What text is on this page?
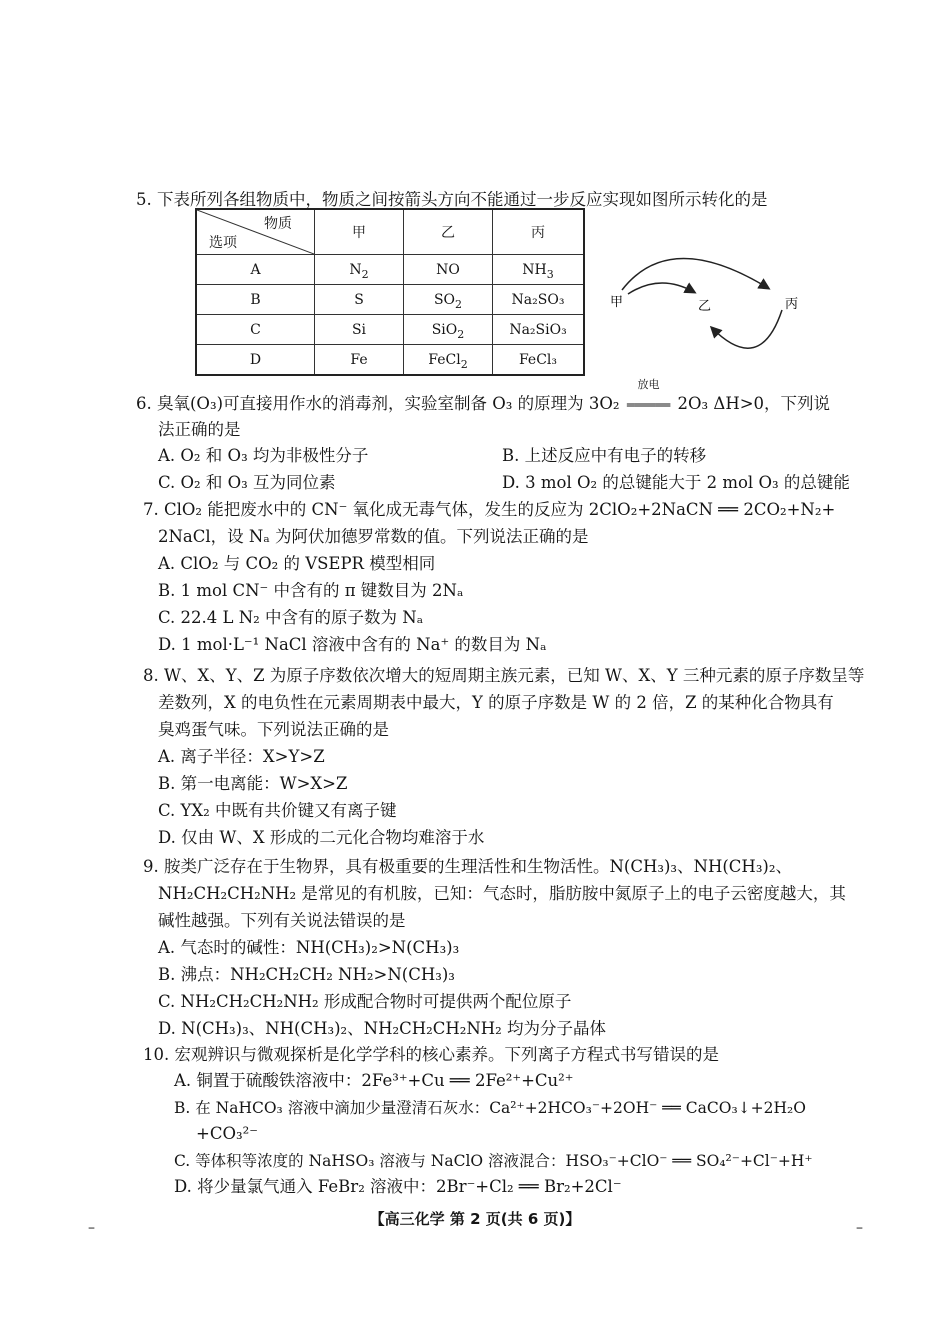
5. 下表所列各组物质中，物质之间按箭头方向不能通过一步反应实现如图所示转化的是
物质
选项	甲	乙	丙
A	$N_2$	NO	$NH_3$
B	S	$SO_2$	Na₂SO₃
C	Si	SiO$_2$	Na₂SiO₃
D	Fe	FeCl$_2$	FeCl₃
甲	乙	丙
6. 臭氧(O₃)可直接用作水的消毒剂，实验室制备 O₃ 的原理为 3O₂
放电
══════ 2O₃ ΔH>0，下列说
法正确的是
A. O₂ 和 O₃ 均为非极性分子	B. 上述反应中有电子的转移
C. O₂ 和 O₃ 互为同位素	D. 3 mol O₂ 的总键能大于 2 mol O₃ 的总键能
7. ClO₂ 能把废水中的 CN⁻ 氧化成无毒气体，发生的反应为 2ClO₂+2NaCN ══ 2CO₂+N₂+
2NaCl，设 Nₐ 为阿伏加德罗常数的值。下列说法正确的是
A. ClO₂ 与 CO₂ 的 VSEPR 模型相同
B. 1 mol CN⁻ 中含有的 π 键数目为 2Nₐ
C. 22.4 L N₂ 中含有的原子数为 Nₐ
D. 1 mol·L⁻¹ NaCl 溶液中含有的 Na⁺ 的数目为 Nₐ
8. W、X、Y、Z 为原子序数依次增大的短周期主族元素，已知 W、X、Y 三种元素的原子序数呈等
差数列，X 的电负性在元素周期表中最大，Y 的原子序数是 W 的 2 倍，Z 的某种化合物具有
臭鸡蛋气味。下列说法正确的是
A. 离子半径：X>Y>Z
B. 第一电离能：W>X>Z
C. YX₂ 中既有共价键又有离子键
D. 仅由 W、X 形成的二元化合物均难溶于水
9. 胺类广泛存在于生物界，具有极重要的生理活性和生物活性。N(CH₃)₃、NH(CH₃)₂、
NH₂CH₂CH₂NH₂ 是常见的有机胺，已知：气态时，脂肪胺中氮原子上的电子云密度越大，其
碱性越强。下列有关说法错误的是
A. 气态时的碱性：NH(CH₃)₂>N(CH₃)₃
B. 沸点：NH₂CH₂CH₂ NH₂>N(CH₃)₃
C. NH₂CH₂CH₂NH₂ 形成配合物时可提供两个配位原子
D. N(CH₃)₃、NH(CH₃)₂、NH₂CH₂CH₂NH₂ 均为分子晶体
10. 宏观辨识与微观探析是化学学科的核心素养。下列离子方程式书写错误的是
A. 铜置于硫酸铁溶液中：2Fe³⁺+Cu ══ 2Fe²⁺+Cu²⁺
B. 在 NaHCO₃ 溶液中滴加少量澄清石灰水：Ca²⁺+2HCO₃⁻+2OH⁻ ══ CaCO₃↓+2H₂O
+CO₃²⁻
C. 等体积等浓度的 NaHSO₃ 溶液与 NaClO 溶液混合：HSO₃⁻+ClO⁻ ══ SO₄²⁻+Cl⁻+H⁺
D. 将少量氯气通入 FeBr₂ 溶液中：2Br⁻+Cl₂ ══ Br₂+2Cl⁻
–	【高三化学 第 2 页(共 6 页)】	–
